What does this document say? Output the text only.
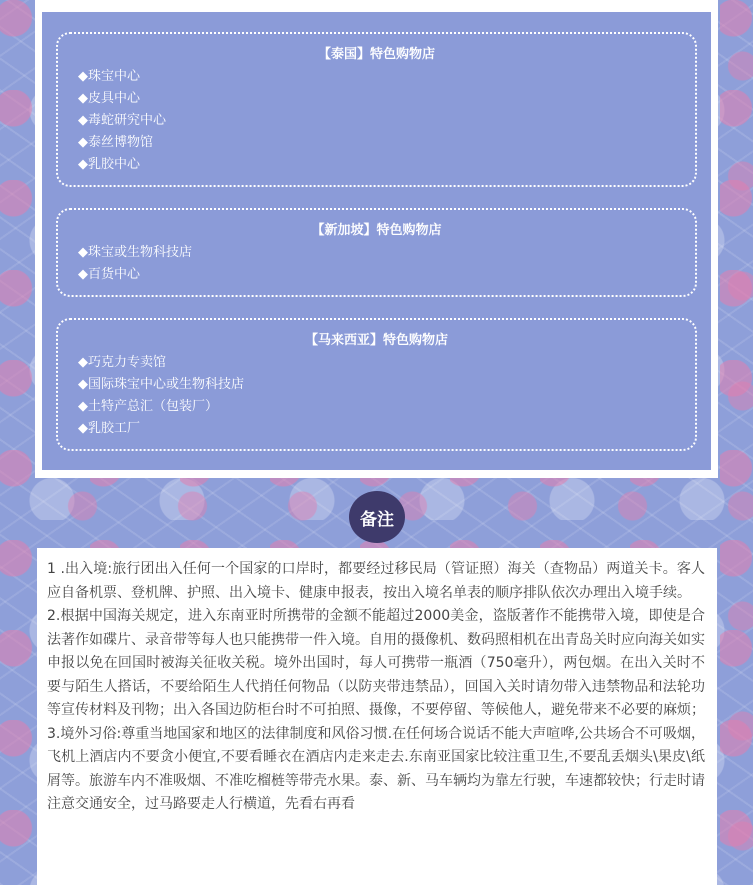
【泰国】特色购物店
◆珠宝中心
◆皮具中心
◆毒蛇研究中心
◆泰丝博物馆
◆乳胶中心
【新加坡】特色购物店
◆珠宝或生物科技店
◆百货中心
【马来西亚】特色购物店
◆巧克力专卖馆
◆国际珠宝中心或生物科技店
◆土特产总汇（包装厂）
◆乳胶工厂
备注

1 .出入境:旅行团出入任何一个国家的口岸时，都要经过移民局（管证照）海关（查物品）两道关卡。客人应自备机票、登机牌、护照、出入境卡、健康申报表，按出入境名单表的顺序排队依次办理出入境手续。

2.根据中国海关规定，进入东南亚时所携带的金额不能超过2000美金，盗版著作不能携带入境，即使是合法著作如碟片、录音带等每人也只能携带一件入境。自用的摄像机、数码照相机在出青岛关时应向海关如实申报以免在回国时被海关征收关税。境外出国时，每人可携带一瓶酒（750毫升），两包烟。在出入关时不要与陌生人搭话，不要给陌生人代捎任何物品（以防夹带违禁品），回国入关时请勿带入违禁物品和法轮功等宣传材料及刊物；出入各国边防柜台时不可拍照、摄像，不要停留、等候他人，避免带来不必要的麻烦；

3.境外习俗:尊重当地国家和地区的法律制度和风俗习惯.在任何场合说话不能大声喧哗,公共场合不可吸烟，飞机上酒店内不要贪小便宜,不要看睡衣在酒店内走来走去.东南亚国家比较注重卫生,不要乱丢烟头\果皮\纸屑等。旅游车内不准吸烟、不准吃榴梿等带壳水果。泰、新、马车辆均为靠左行驶，车速都较快；行走时请注意交通安全，过马路要走人行横道，先看右再看
